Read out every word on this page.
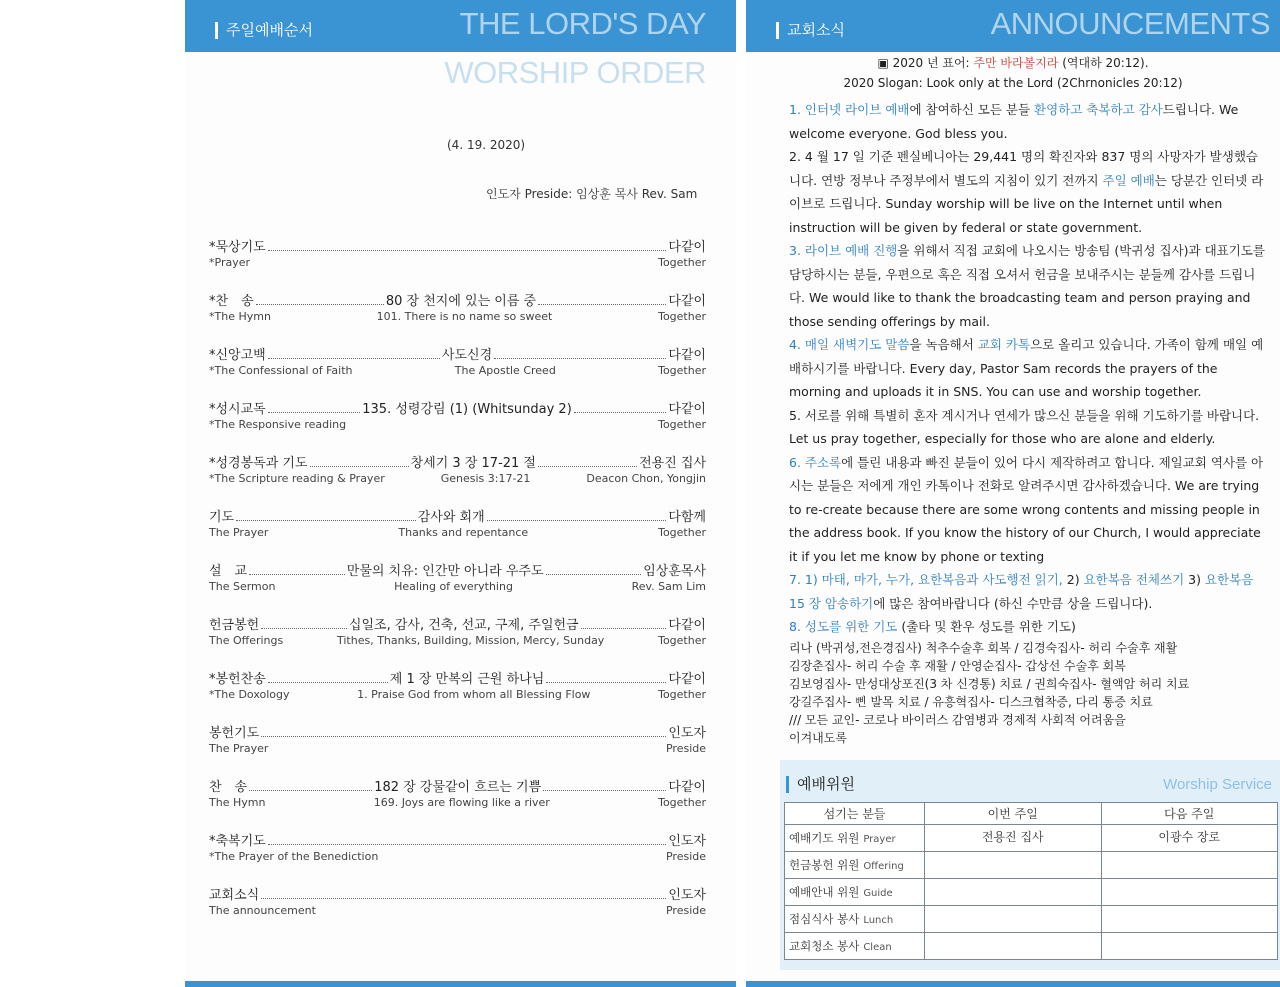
주일예배순서	THE LORD'S DAY
WORSHIP ORDER
(4. 19. 2020)
인도자 Preside: 임상훈 목사 Rev. Sam
*묵상기도	다같이
*Prayer	Together
*찬　송	80 장 천지에 있는 이름 중	다같이
*The Hymn	101. There is no name so sweet	Together
*신앙고백	사도신경	다같이
*The Confessional of Faith	The Apostle Creed	Together
*성시교독	135. 성령강림 (1) (Whitsunday 2)	다같이
*The Responsive reading	Together
*성경봉독과 기도	창세기 3 장 17-21 절	전용진 집사
*The Scripture reading & Prayer	Genesis 3:17-21	Deacon Chon, Yongjin
기도	감사와 회개	다함께
The Prayer	Thanks and repentance	Together
설　교	만물의 치유: 인간만 아니라 우주도	임상훈목사
The Sermon	Healing of everything	Rev. Sam Lim
헌금봉헌	십일조, 감사, 건축, 선교, 구제, 주일헌금	다같이
The Offerings	Tithes, Thanks, Building, Mission, Mercy, Sunday	Together
*봉헌찬송	제 1 장 만복의 근원 하나님	다같이
*The Doxology	1. Praise God from whom all Blessing Flow	Together
봉헌기도	인도자
The Prayer	Preside
찬　송	182 장 강물같이 흐르는 기쁨	다같이
The Hymn	169. Joys are flowing like a river	Together
*축복기도	인도자
*The Prayer of the Benediction	Preside
교회소식	인도자
The announcement	Preside
교회소식	ANNOUNCEMENTS
▣ 2020 년 표어: 주만 바라볼지라 (역대하 20:12).
2020 Slogan: Look only at the Lord (2Chrnonicles 20:12)

1. 인터넷 라이브 예배에 참여하신 모든 분들 환영하고 축복하고 감사드립니다. We welcome everyone. God bless you.

2. 4 월 17 일 기준 펜실베니아는 29,441 명의 확진자와 837 명의 사망자가 발생했습니다. 연방 정부나 주정부에서 별도의 지침이 있기 전까지 주일 예배는 당분간 인터넷 라이브로 드립니다. Sunday worship will be live on the Internet until when instruction will be given by federal or state government.

3. 라이브 예배 진행을 위해서 직접 교회에 나오시는 방송팀 (박귀성 집사)과 대표기도를 담당하시는 분들, 우편으로 혹은 직접 오셔서 헌금을 보내주시는 분들께 감사를 드립니다. We would like to thank the broadcasting team and person praying and those sending offerings by mail.

4. 매일 새벽기도 말씀을 녹음해서 교회 카톡으로 올리고 있습니다. 가족이 함께 매일 예배하시기를 바랍니다. Every day, Pastor Sam records the prayers of the morning and uploads it in SNS. You can use and worship together.

5. 서로를 위해 특별히 혼자 계시거나 연세가 많으신 분들을 위해 기도하기를 바랍니다. Let us pray together, especially for those who are alone and elderly.

6. 주소록에 틀린 내용과 빠진 분들이 있어 다시 제작하려고 합니다. 제일교회 역사를 아시는 분들은 저에게 개인 카톡이나 전화로 알려주시면 감사하겠습니다. We are trying to re-create because there are some wrong contents and missing people in the address book. If you know the history of our Church, I would appreciate it if you let me know by phone or texting

7. 1) 마태, 마가, 누가, 요한복음과 사도행전 읽기, 2) 요한복음 전체쓰기 3) 요한복음 15 장 암송하기에 많은 참여바랍니다 (하신 수만큼 상을 드립니다).

8. 성도를 위한 기도 (출타 및 환우 성도를 위한 기도)

리나 (박귀성,전은경집사) 척추수술후 회복 / 김경숙집사- 허리 수술후 재활
김장춘집사- 허리 수술 후 재활 / 안영순집사- 갑상선 수술후 회복
김보영집사- 만성대상포진(3 차 신경통) 치료 / 권희숙집사- 혈액암 허리 치료
강길주집사- 삔 발목 치료 / 유흥혁집사- 디스크협착증, 다리 통증 치료
/// 모든 교인- 코로나 바이러스 감염병과 경제적 사회적 어려움을
이겨내도록
예배위원	Worship Service
섬기는 분들	이번 주일	다음 주일
예배기도 위원 Prayer	전용진 집사	이광수 장로
헌금봉헌 위원 Offering		
예배안내 위원 Guide		
점심식사 봉사 Lunch		
교회청소 봉사 Clean		
